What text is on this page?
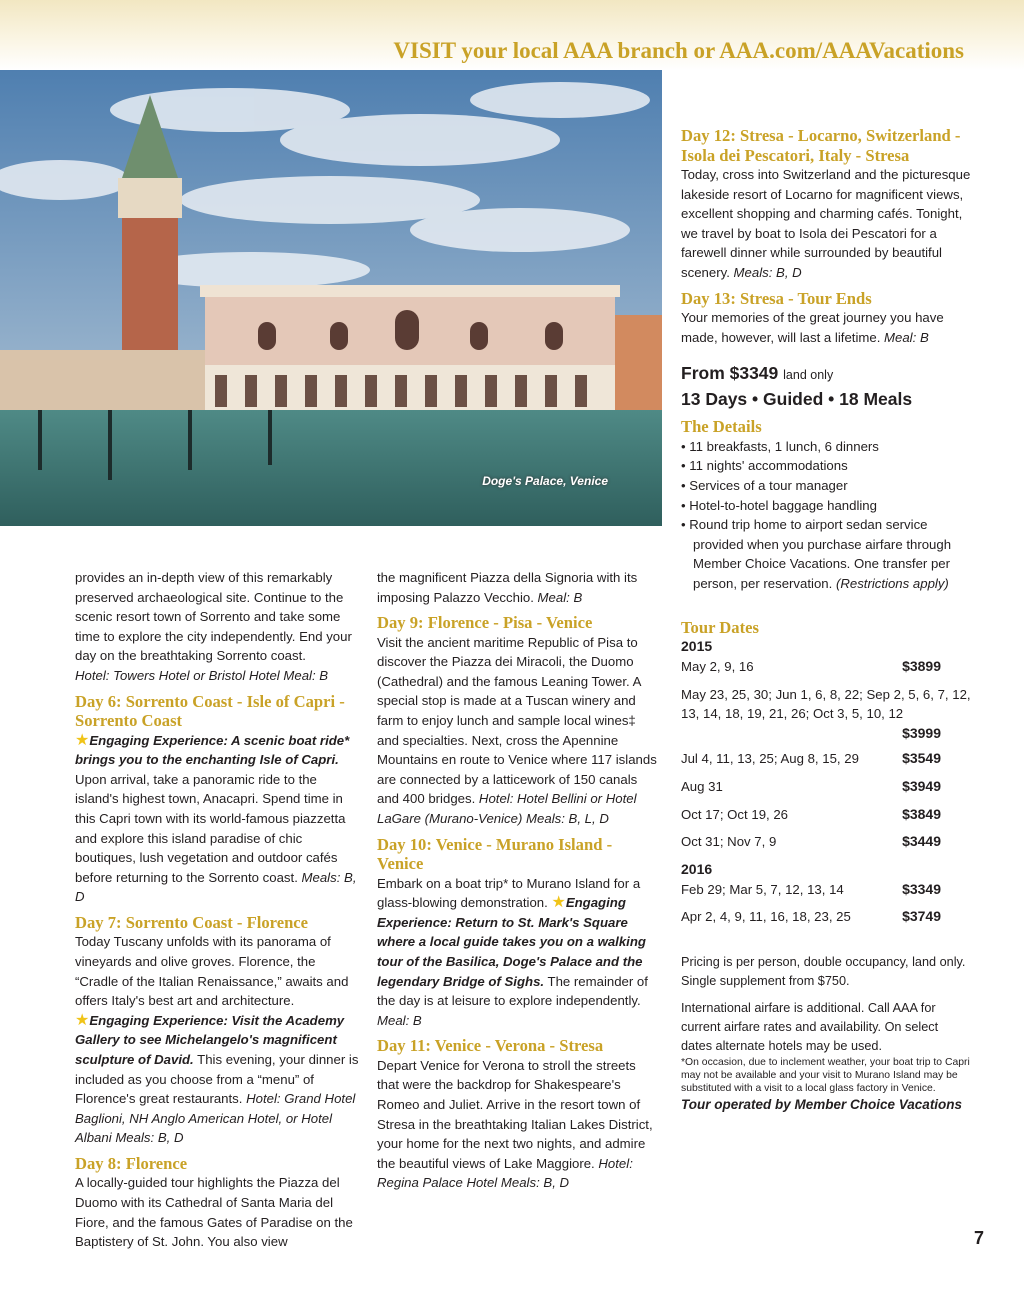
VISIT your local AAA branch or AAA.com/AAAVacations
Doge's Palace, Venice

provides an in-depth view of this remarkably preserved archaeological site. Continue to the scenic resort town of Sorrento and take some time to explore the city independently. End your day on the breathtaking Sorrento coast.
Hotel: Towers Hotel or Bristol Hotel Meal: B

Day 6: Sorrento Coast - Isle of Capri - Sorrento Coast

★Engaging Experience: A scenic boat ride* brings you to the enchanting Isle of Capri.
Upon arrival, take a panoramic ride to the island's highest town, Anacapri. Spend time in this Capri town with its world-famous piazzetta and explore this island paradise of chic boutiques, lush vegetation and outdoor cafés before returning to the Sorrento coast. Meals: B, D

Day 7: Sorrento Coast - Florence

Today Tuscany unfolds with its panorama of vineyards and olive groves. Florence, the “Cradle of the Italian Renaissance,” awaits and offers Italy's best art and architecture. ★Engaging Experience: Visit the Academy Gallery to see Michelangelo's magnificent sculpture of David. This evening, your dinner is included as you choose from a “menu” of Florence's great restaurants. Hotel: Grand Hotel Baglioni, NH Anglo American Hotel, or Hotel Albani Meals: B, D

Day 8: Florence

A locally-guided tour highlights the Piazza del Duomo with its Cathedral of Santa Maria del Fiore, and the famous Gates of Paradise on the Baptistery of St. John. You also view

the magnificent Piazza della Signoria with its imposing Palazzo Vecchio. Meal: B

Day 9: Florence - Pisa - Venice

Visit the ancient maritime Republic of Pisa to discover the Piazza dei Miracoli, the Duomo (Cathedral) and the famous Leaning Tower. A special stop is made at a Tuscan winery and farm to enjoy lunch and sample local wines‡ and specialties. Next, cross the Apennine Mountains en route to Venice where 117 islands are connected by a latticework of 150 canals and 400 bridges. Hotel: Hotel Bellini or Hotel LaGare (Murano-Venice) Meals: B, L, D

Day 10: Venice - Murano Island - Venice

Embark on a boat trip* to Murano Island for a glass-blowing demonstration. ★Engaging Experience: Return to St. Mark's Square where a local guide takes you on a walking tour of the Basilica, Doge's Palace and the legendary Bridge of Sighs. The remainder of the day is at leisure to explore independently.
Meal: B

Day 11: Venice - Verona - Stresa

Depart Venice for Verona to stroll the streets that were the backdrop for Shakespeare's Romeo and Juliet. Arrive in the resort town of Stresa in the breathtaking Italian Lakes District, your home for the next two nights, and admire the beautiful views of Lake Maggiore. Hotel: Regina Palace Hotel Meals: B, D

Day 12: Stresa - Locarno, Switzerland - Isola dei Pescatori, Italy - Stresa

Today, cross into Switzerland and the picturesque lakeside resort of Locarno for magnificent views, excellent shopping and charming cafés. Tonight, we travel by boat to Isola dei Pescatori for a farewell dinner while surrounded by beautiful scenery. Meals: B, D

Day 13: Stresa - Tour Ends

Your memories of the great journey you have made, however, will last a lifetime. Meal: B

From $3349 land only
13 Days • Guided • 18 Meals
The Details
• 11 breakfasts, 1 lunch, 6 dinners
• 11 nights' accommodations
• Services of a tour manager
• Hotel-to-hotel baggage handling
• Round trip home to airport sedan service provided when you purchase airfare through Member Choice Vacations. One transfer per person, per reservation. (Restrictions apply)
Tour Dates
2015
May 2, 9, 16	$3899
May 23, 25, 30; Jun 1, 6, 8, 22; Sep 2, 5, 6, 7, 12, 13, 14, 18, 19, 21, 26; Oct 3, 5, 10, 12
$3999
Jul 4, 11, 13, 25; Aug 8, 15, 29	$3549
Aug 31	$3949
Oct 17; Oct 19, 26	$3849
Oct 31; Nov 7, 9	$3449
2016
Feb 29; Mar 5, 7, 12, 13, 14	$3349
Apr 2, 4, 9, 11, 16, 18, 23, 25	$3749

Pricing is per person, double occupancy, land only. Single supplement from $750.

International airfare is additional. Call AAA for current airfare rates and availability. On select dates alternate hotels may be used.

*On occasion, due to inclement weather, your boat trip to Capri may not be available and your visit to Murano Island may be substituted with a visit to a local glass factory in Venice.

Tour operated by Member Choice Vacations

7
